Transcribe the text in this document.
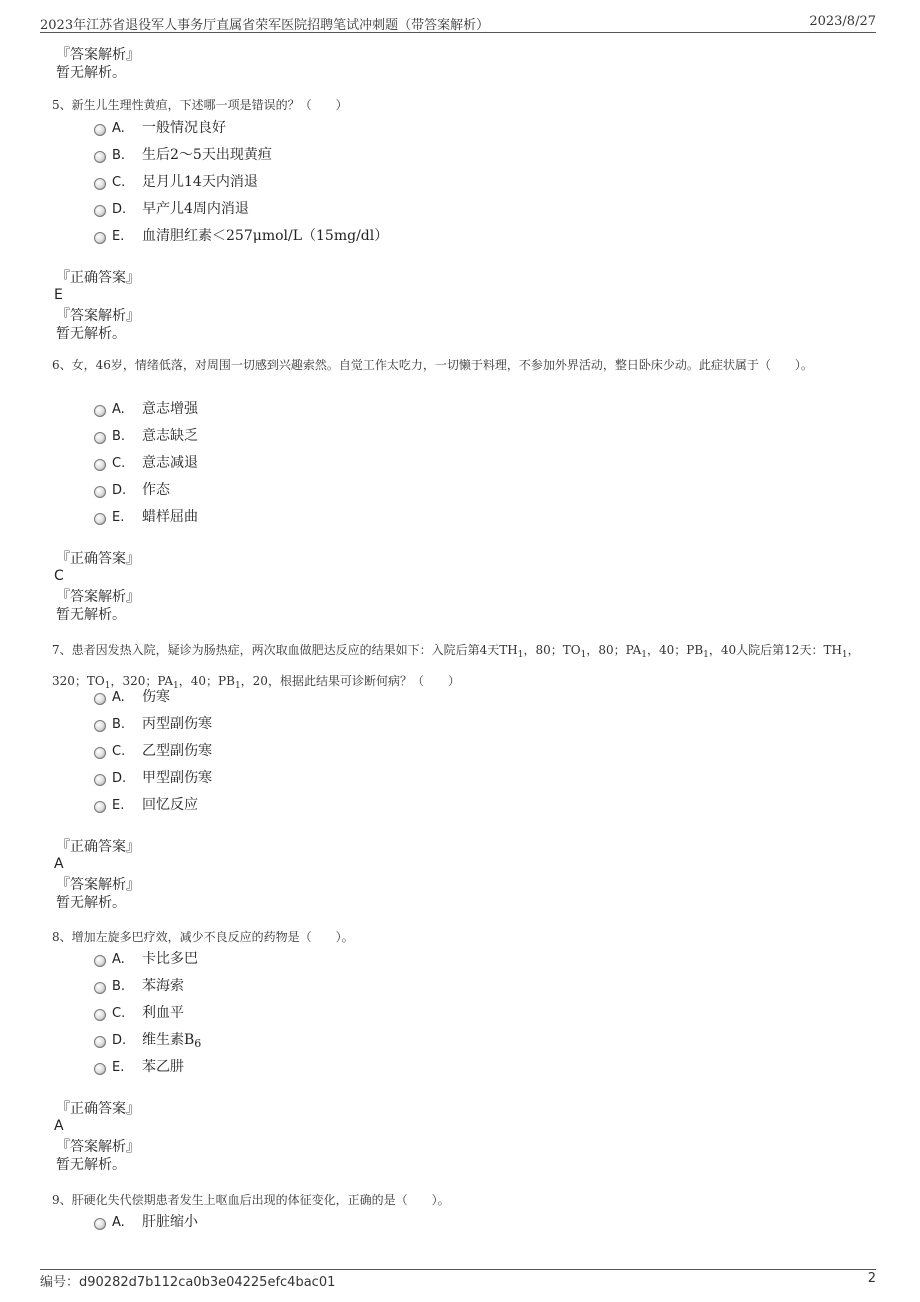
2023年江苏省退役军人事务厅直属省荣军医院招聘笔试冲刺题（带答案解析）	2023/8/27
『答案解析』
暂无解析。
5、新生儿生理性黄疸，下述哪一项是错误的？（　　）
A. 一般情况良好
B. 生后2～5天出现黄疸
C. 足月儿14天内消退
D. 早产儿4周内消退
E. 血清胆红素＜257μmol/L（15mg/dl）
『正确答案』
E
『答案解析』
暂无解析。
6、女，46岁，情绪低落，对周围一切感到兴趣索然。自觉工作太吃力，一切懒于料理，不参加外界活动，整日卧床少动。此症状属于（　　）。
A. 意志增强
B. 意志缺乏
C. 意志减退
D. 作态
E. 蜡样屈曲
『正确答案』
C
『答案解析』
暂无解析。
7、患者因发热入院，疑诊为肠热症，两次取血做肥达反应的结果如下：入院后第4天$TH_1$，80；$TO_1$，80；$PA_1$，40；$PB_1$，40人院后第12天：$TH_1$，320；$TO_1$，320；$PA_1$，40；$PB_1$，20，根据此结果可诊断何病？（　　）
A. 伤寒
B. 丙型副伤寒
C. 乙型副伤寒
D. 甲型副伤寒
E. 回忆反应
『正确答案』
A
『答案解析』
暂无解析。
8、增加左旋多巴疗效，减少不良反应的药物是（　　）。
A. 卡比多巴
B. 苯海索
C. 利血平
D. 维生素$B_6$
E. 苯乙肼
『正确答案』
A
『答案解析』
暂无解析。
9、肝硬化失代偿期患者发生上呕血后出现的体征变化，正确的是（　　）。
A. 肝脏缩小
编号：d90282d7b112ca0b3e04225efc4bac01	2
